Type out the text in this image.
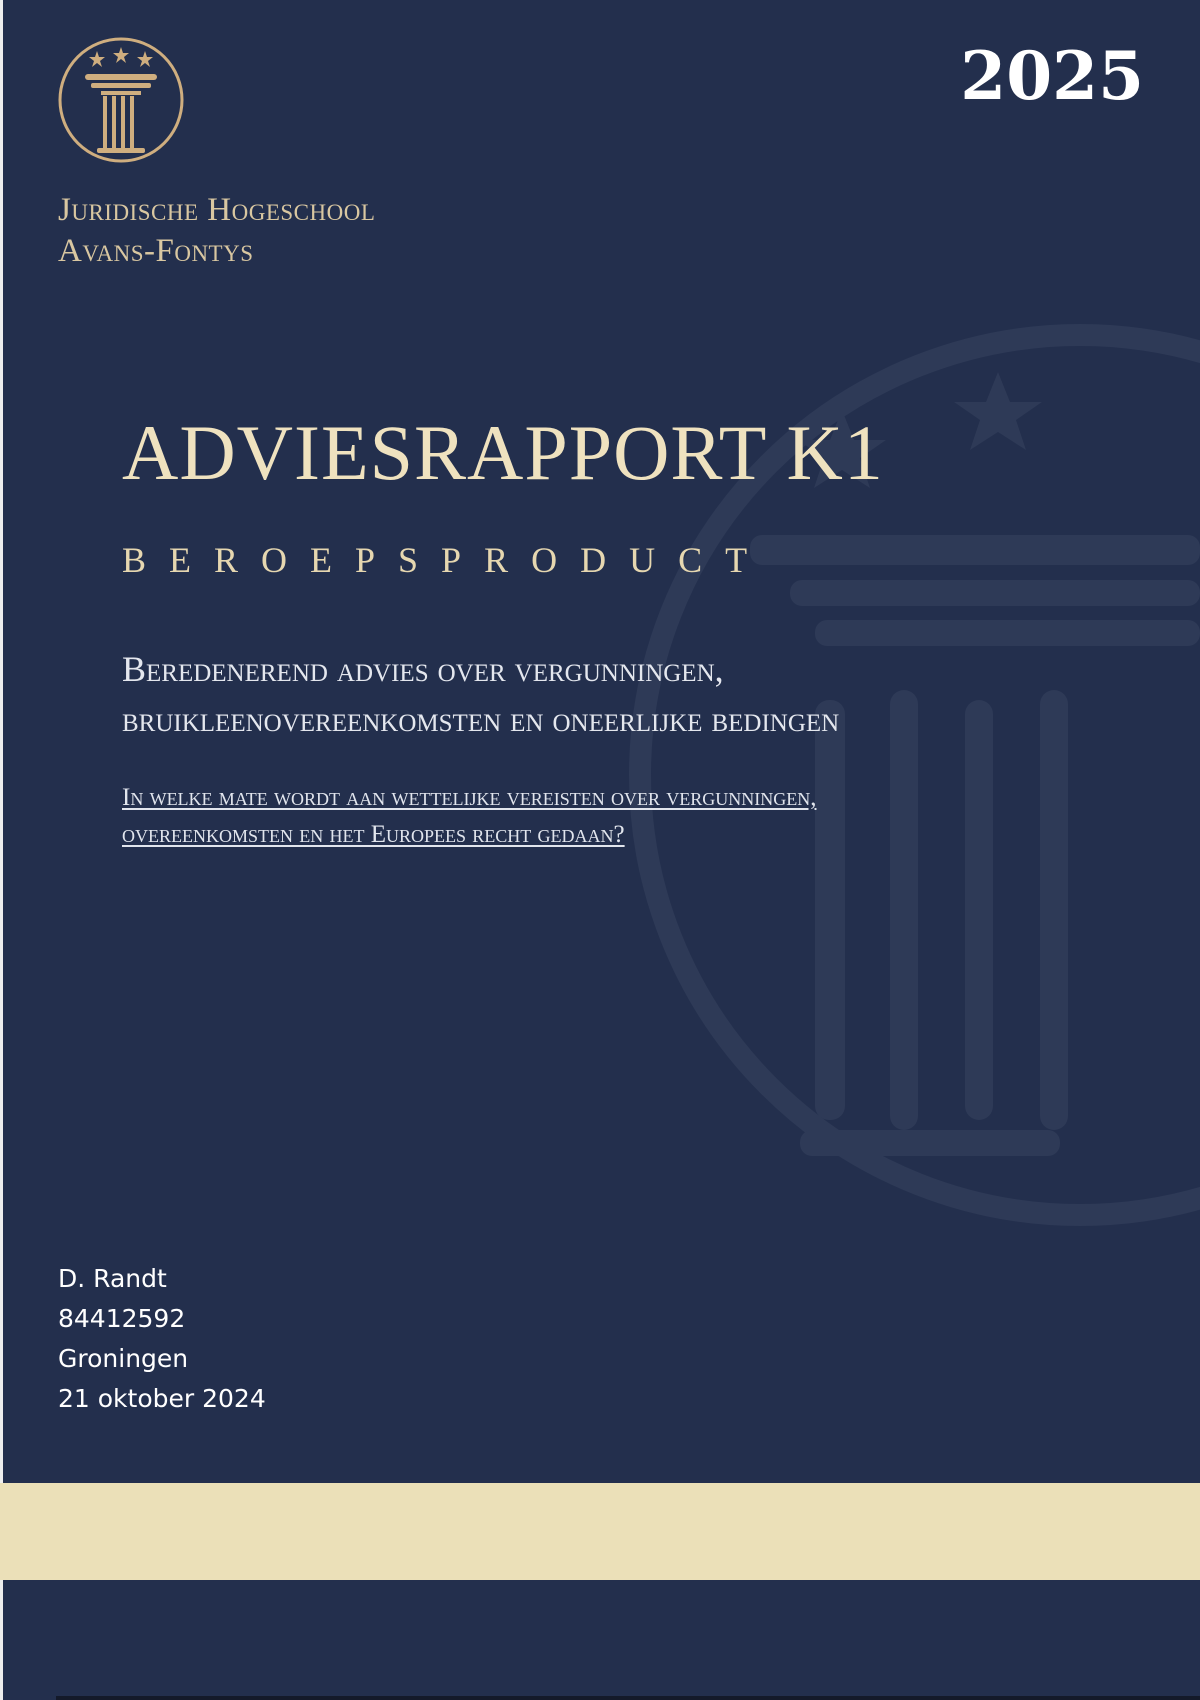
Juridische Hogeschool
Avans-Fontys
2025
ADVIESRAPPORT K1
BEROEPSPRODUCT
Beredenerend advies over vergunningen,
bruikleenovereenkomsten en oneerlijke bedingen
In welke mate wordt aan wettelijke vereisten over vergunningen,
overeenkomsten en het Europees recht gedaan?
D. Randt
84412592
Groningen
21 oktober 2024
